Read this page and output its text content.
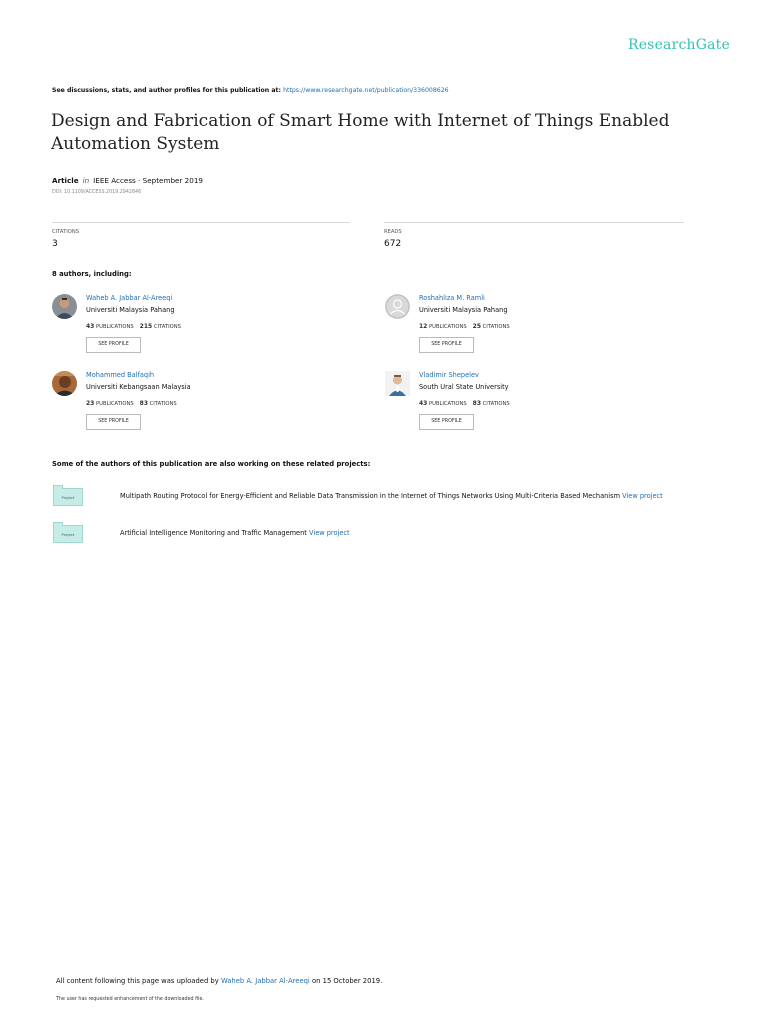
ResearchGate
See discussions, stats, and author profiles for this publication at: https://www.researchgate.net/publication/336008626
Design and Fabrication of Smart Home with Internet of Things Enabled Automation System
Article in IEEE Access · September 2019
DOI: 10.1109/ACCESS.2019.2942846
CITATIONS
3
READS
672
8 authors, including:
Waheb A. Jabbar Al-Areeqi
Universiti Malaysia Pahang
43 PUBLICATIONS 215 CITATIONS
SEE PROFILE
Roshahliza M. Ramli
Universiti Malaysia Pahang
12 PUBLICATIONS 25 CITATIONS
SEE PROFILE
Mohammed Balfaqih
Universiti Kebangsaan Malaysia
23 PUBLICATIONS 83 CITATIONS
SEE PROFILE
Vladimir Shepelev
South Ural State University
43 PUBLICATIONS 83 CITATIONS
SEE PROFILE
Some of the authors of this publication are also working on these related projects:
Project	Multipath Routing Protocol for Energy-Efficient and Reliable Data Transmission in the Internet of Things Networks Using Multi-Criteria Based Mechanism View project
Project	Artificial Intelligence Monitoring and Traffic Management View project
All content following this page was uploaded by Waheb A. Jabbar Al-Areeqi on 15 October 2019.
The user has requested enhancement of the downloaded file.
